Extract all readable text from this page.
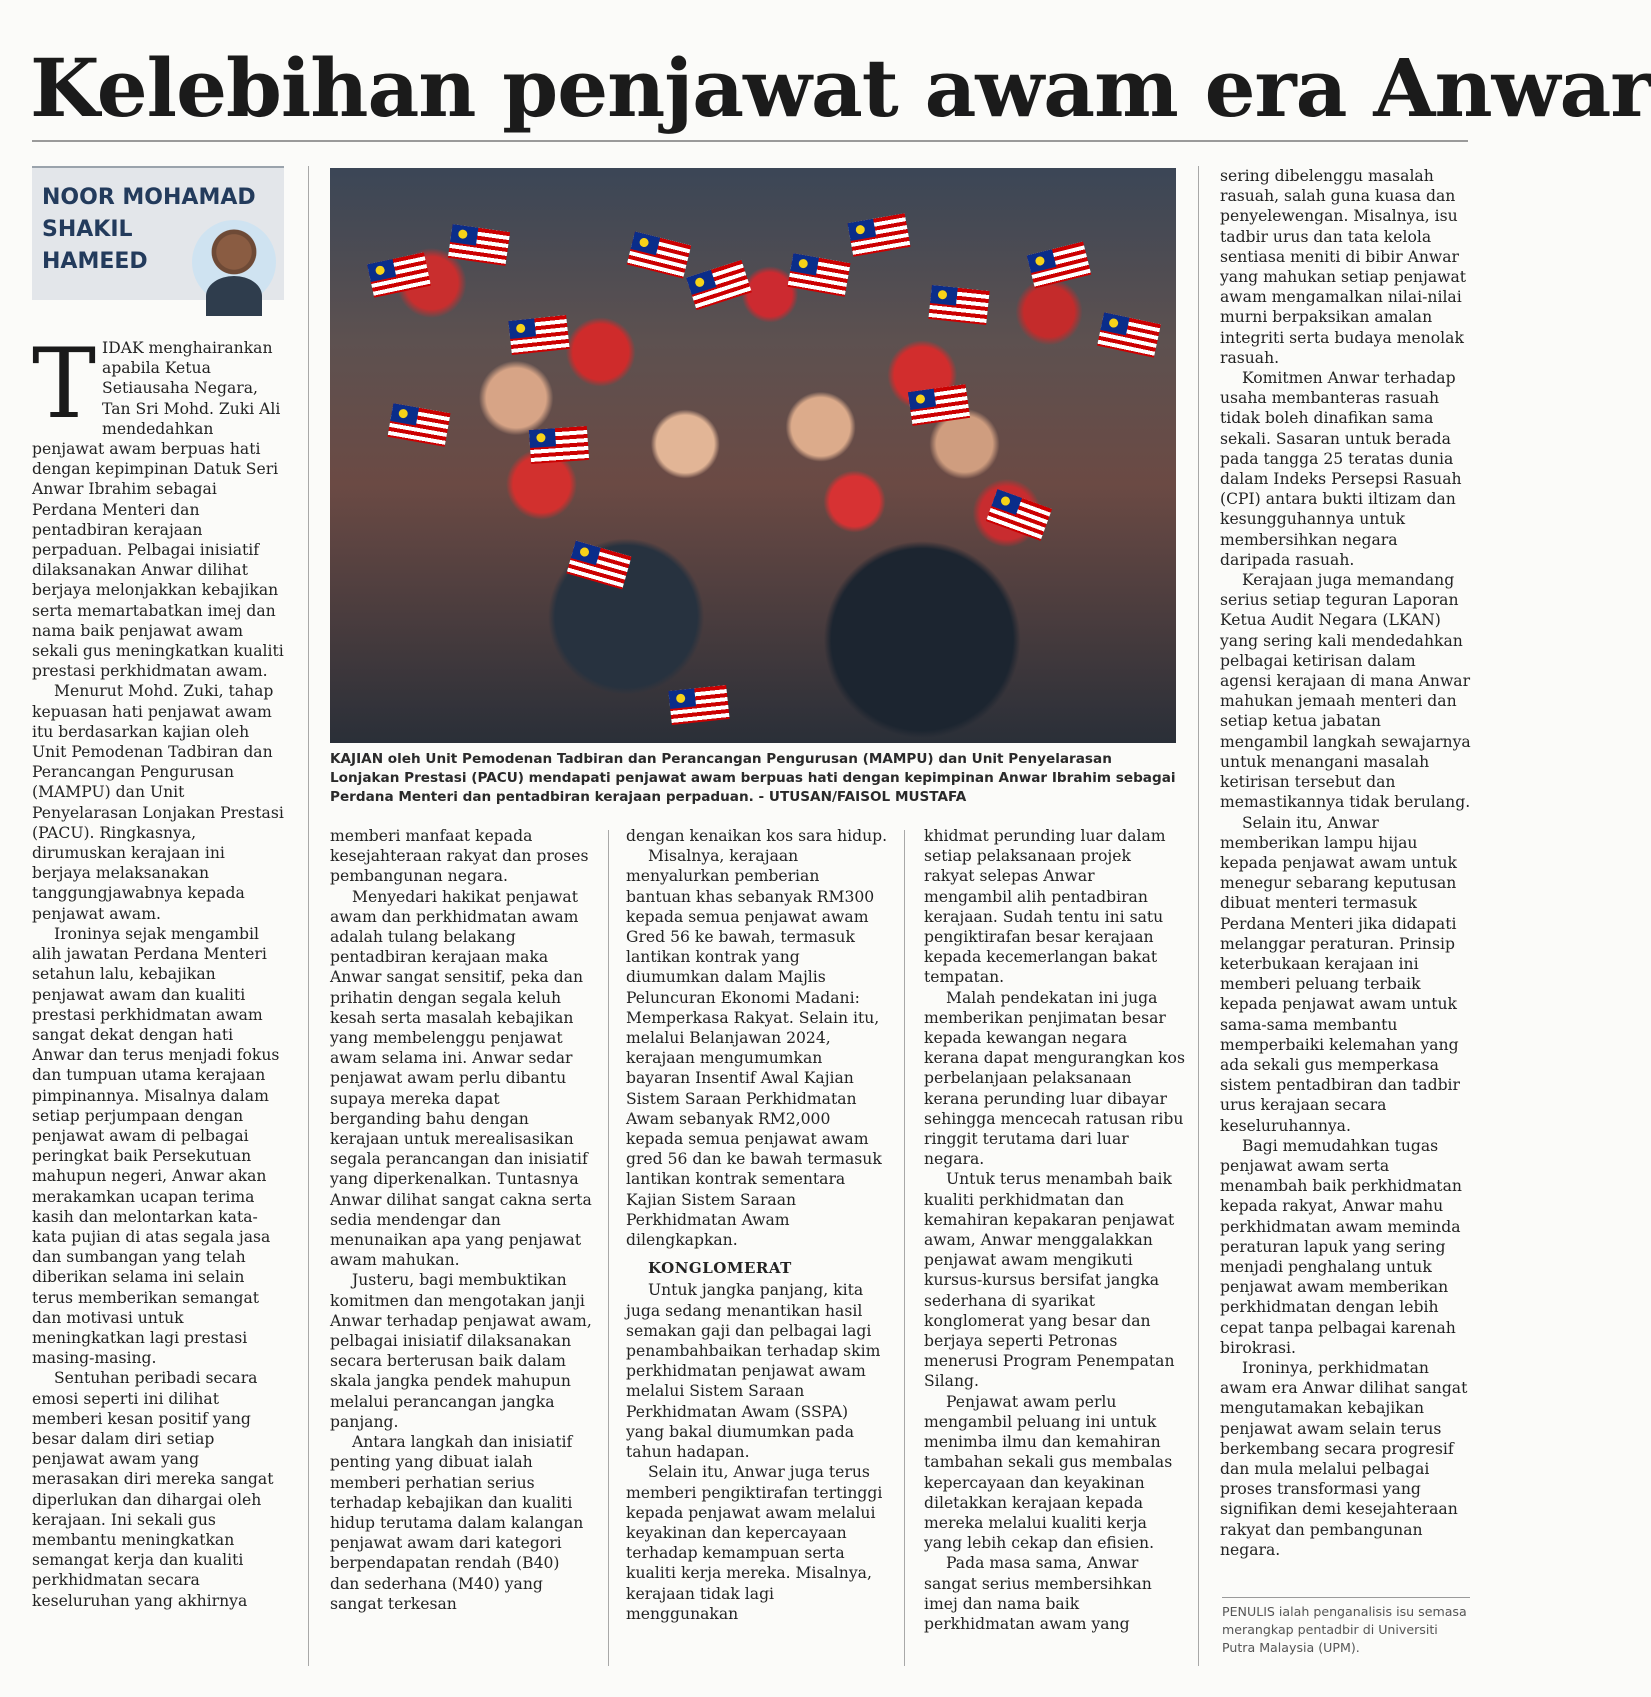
Kelebihan penjawat awam era Anwar
NOOR MOHAMAD
SHAKIL
HAMEED
KAJIAN oleh Unit Pemodenan Tadbiran dan Perancangan Pengurusan (MAMPU) dan Unit Penyelarasan Lonjakan Prestasi (PACU) mendapati penjawat awam berpuas hati dengan kepimpinan Anwar Ibrahim sebagai Perdana Menteri dan pentadbiran kerajaan perpaduan. - UTUSAN/FAISOL MUSTAFA
T IDAK menghairankan apabila Ketua Setiausaha Negara, Tan Sri Mohd. Zuki Ali mendedahkan penjawat awam berpuas hati dengan kepimpinan Datuk Seri Anwar Ibrahim sebagai Perdana Menteri dan pentadbiran kerajaan perpaduan. Pelbagai inisiatif dilaksanakan Anwar dilihat berjaya melonjakkan kebajikan serta memartabatkan imej dan nama baik penjawat awam sekali gus meningkatkan kualiti prestasi perkhidmatan awam.

Menurut Mohd. Zuki, tahap kepuasan hati penjawat awam itu berdasarkan kajian oleh Unit Pemodenan Tadbiran dan Perancangan Pengurusan (MAMPU) dan Unit Penyelarasan Lonjakan Prestasi (PACU). Ringkasnya, dirumuskan kerajaan ini berjaya melaksanakan tanggungjawabnya kepada penjawat awam.

Ironinya sejak mengambil alih jawatan Perdana Menteri setahun lalu, kebajikan penjawat awam dan kualiti prestasi perkhidmatan awam sangat dekat dengan hati Anwar dan terus menjadi fokus dan tumpuan utama kerajaan pimpinannya. Misalnya dalam setiap perjumpaan dengan penjawat awam di pelbagai peringkat baik Persekutuan mahupun negeri, Anwar akan merakamkan ucapan terima kasih dan melontarkan kata-kata pujian di atas segala jasa dan sumbangan yang telah diberikan selama ini selain terus memberikan semangat dan motivasi untuk meningkatkan lagi prestasi masing-masing.

Sentuhan peribadi secara emosi seperti ini dilihat memberi kesan positif yang besar dalam diri setiap penjawat awam yang merasakan diri mereka sangat diperlukan dan dihargai oleh kerajaan. Ini sekali gus membantu meningkatkan semangat kerja dan kualiti perkhidmatan secara keseluruhan yang akhirnya

memberi manfaat kepada kesejahteraan rakyat dan proses pembangunan negara.

Menyedari hakikat penjawat awam dan perkhidmatan awam adalah tulang belakang pentadbiran kerajaan maka Anwar sangat sensitif, peka dan prihatin dengan segala keluh kesah serta masalah kebajikan yang membelenggu penjawat awam selama ini. Anwar sedar penjawat awam perlu dibantu supaya mereka dapat berganding bahu dengan kerajaan untuk merealisasikan segala perancangan dan inisiatif yang diperkenalkan. Tuntasnya Anwar dilihat sangat cakna serta sedia mendengar dan menunaikan apa yang penjawat awam mahukan.

Justeru, bagi membuktikan komitmen dan mengotakan janji Anwar terhadap penjawat awam, pelbagai inisiatif dilaksanakan secara berterusan baik dalam skala jangka pendek mahupun melalui perancangan jangka panjang.

Antara langkah dan inisiatif penting yang dibuat ialah memberi perhatian serius terhadap kebajikan dan kualiti hidup terutama dalam kalangan penjawat awam dari kategori berpendapatan rendah (B40) dan sederhana (M40) yang sangat terkesan

dengan kenaikan kos sara hidup.

Misalnya, kerajaan menyalurkan pemberian bantuan khas sebanyak RM300 kepada semua penjawat awam Gred 56 ke bawah, termasuk lantikan kontrak yang diumumkan dalam Majlis Peluncuran Ekonomi Madani: Memperkasa Rakyat. Selain itu, melalui Belanjawan 2024, kerajaan mengumumkan bayaran Insentif Awal Kajian Sistem Saraan Perkhidmatan Awam sebanyak RM2,000 kepada semua penjawat awam gred 56 dan ke bawah termasuk lantikan kontrak sementara Kajian Sistem Saraan Perkhidmatan Awam dilengkapkan.

KONGLOMERAT

Untuk jangka panjang, kita juga sedang menantikan hasil semakan gaji dan pelbagai lagi penambahbaikan terhadap skim perkhidmatan penjawat awam melalui Sistem Saraan Perkhidmatan Awam (SSPA) yang bakal diumumkan pada tahun hadapan.

Selain itu, Anwar juga terus memberi pengiktirafan tertinggi kepada penjawat awam melalui keyakinan dan kepercayaan terhadap kemampuan serta kualiti kerja mereka. Misalnya, kerajaan tidak lagi menggunakan

khidmat perunding luar dalam setiap pelaksanaan projek rakyat selepas Anwar mengambil alih pentadbiran kerajaan. Sudah tentu ini satu pengiktirafan besar kerajaan kepada kecemerlangan bakat tempatan.

Malah pendekatan ini juga memberikan penjimatan besar kepada kewangan negara kerana dapat mengurangkan kos perbelanjaan pelaksanaan kerana perunding luar dibayar sehingga mencecah ratusan ribu ringgit terutama dari luar negara.

Untuk terus menambah baik kualiti perkhidmatan dan kemahiran kepakaran penjawat awam, Anwar menggalakkan penjawat awam mengikuti kursus-kursus bersifat jangka sederhana di syarikat konglomerat yang besar dan berjaya seperti Petronas menerusi Program Penempatan Silang.

Penjawat awam perlu mengambil peluang ini untuk menimba ilmu dan kemahiran tambahan sekali gus membalas kepercayaan dan keyakinan diletakkan kerajaan kepada mereka melalui kualiti kerja yang lebih cekap dan efisien.

Pada masa sama, Anwar sangat serius membersihkan imej dan nama baik perkhidmatan awam yang

sering dibelenggu masalah rasuah, salah guna kuasa dan penyelewengan. Misalnya, isu tadbir urus dan tata kelola sentiasa meniti di bibir Anwar yang mahukan setiap penjawat awam mengamalkan nilai-nilai murni berpaksikan amalan integriti serta budaya menolak rasuah.

Komitmen Anwar terhadap usaha membanteras rasuah tidak boleh dinafikan sama sekali. Sasaran untuk berada pada tangga 25 teratas dunia dalam Indeks Persepsi Rasuah (CPI) antara bukti iltizam dan kesungguhannya untuk membersihkan negara daripada rasuah.

Kerajaan juga memandang serius setiap teguran Laporan Ketua Audit Negara (LKAN) yang sering kali mendedahkan pelbagai ketirisan dalam agensi kerajaan di mana Anwar mahukan jemaah menteri dan setiap ketua jabatan mengambil langkah sewajarnya untuk menangani masalah ketirisan tersebut dan memastikannya tidak berulang.

Selain itu, Anwar memberikan lampu hijau kepada penjawat awam untuk menegur sebarang keputusan dibuat menteri termasuk Perdana Menteri jika didapati melanggar peraturan. Prinsip keterbukaan kerajaan ini memberi peluang terbaik kepada penjawat awam untuk sama-sama membantu memperbaiki kelemahan yang ada sekali gus memperkasa sistem pentadbiran dan tadbir urus kerajaan secara keseluruhannya.

Bagi memudahkan tugas penjawat awam serta menambah baik perkhidmatan kepada rakyat, Anwar mahu perkhidmatan awam meminda peraturan lapuk yang sering menjadi penghalang untuk penjawat awam memberikan perkhidmatan dengan lebih cepat tanpa pelbagai karenah birokrasi.

Ironinya, perkhidmatan awam era Anwar dilihat sangat mengutamakan kebajikan penjawat awam selain terus berkembang secara progresif dan mula melalui pelbagai proses transformasi yang signifikan demi kesejahteraan rakyat dan pembangunan negara.

PENULIS ialah penganalisis isu semasa merangkap pentadbir di Universiti Putra Malaysia (UPM).
